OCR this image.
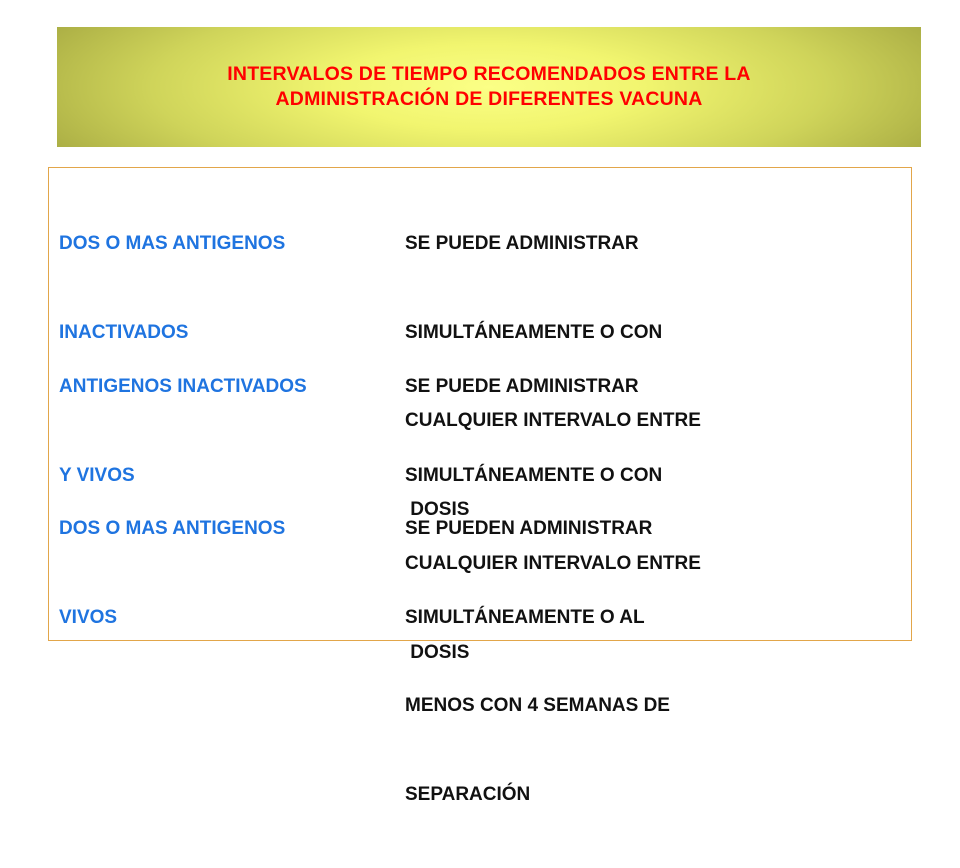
INTERVALOS DE TIEMPO RECOMENDADOS ENTRE LA
ADMINISTRACIÓN DE DIFERENTES VACUNA

DOS O MAS ANTIGENOS

INACTIVADOS

SE PUEDE ADMINISTRAR

SIMULTÁNEAMENTE O CON

CUALQUIER INTERVALO ENTRE

DOSIS

ANTIGENOS INACTIVADOS

Y VIVOS

SE PUEDE ADMINISTRAR

SIMULTÁNEAMENTE O CON

CUALQUIER INTERVALO ENTRE

DOSIS

DOS O MAS ANTIGENOS

VIVOS

SE PUEDEN ADMINISTRAR

SIMULTÁNEAMENTE O AL

MENOS CON 4 SEMANAS DE

SEPARACIÓN
